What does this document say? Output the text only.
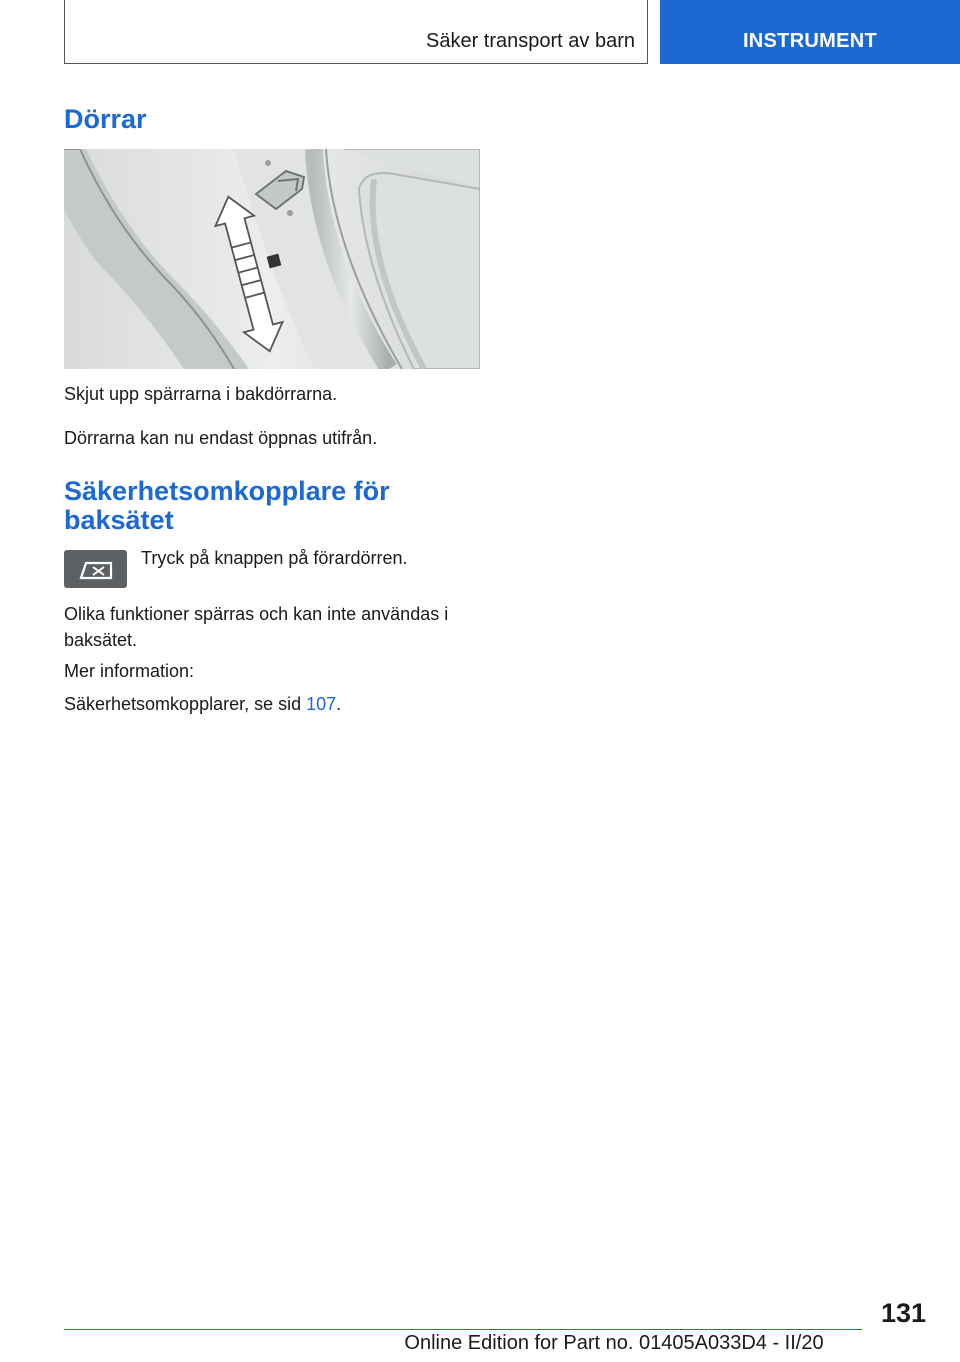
Säker transport av barn	INSTRUMENT
Dörrar

Skjut upp spärrarna i bakdörrarna.

Dörrarna kan nu endast öppnas utifrån.

Säkerhetsomkopplare för
baksätet

Tryck på knappen på förardörren.

Olika funktioner spärras och kan inte användas i

baksätet.

Mer information:

Säkerhetsomkopplarer, se sid 107.

131
Online Edition for Part no. 01405A033D4 - II/20
